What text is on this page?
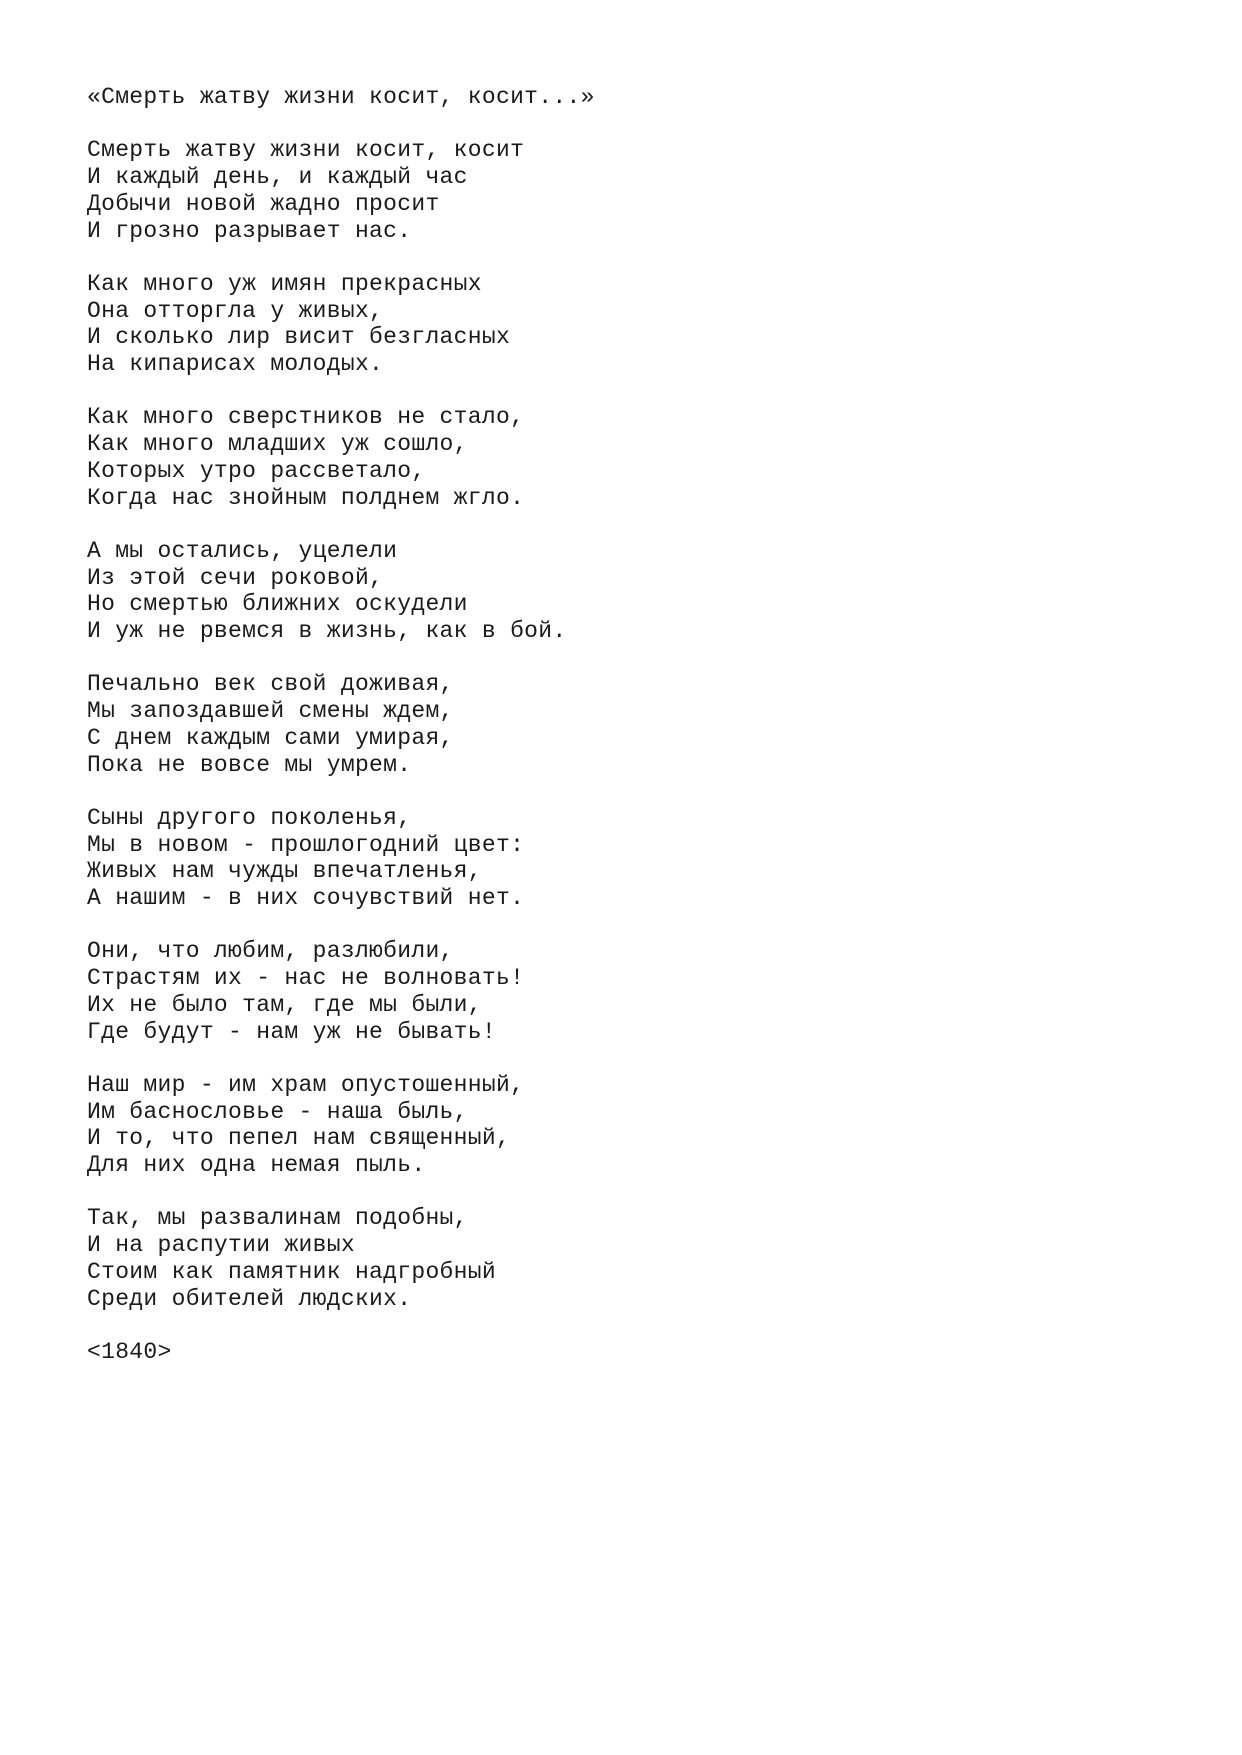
«Смерть жатву жизни косит, косит...»
Смерть жатву жизни косит, косит
И каждый день, и каждый час
Добычи новой жадно просит
И грозно разрывает нас.
Как много уж имян прекрасных
Она отторгла у живых,
И сколько лир висит безгласных
На кипарисах молодых.
Как много сверстников не стало,
Как много младших уж сошло,
Которых утро рассветало,
Когда нас знойным полднем жгло.
А мы остались, уцелели
Из этой сечи роковой,
Но смертью ближних оскудели
И уж не рвемся в жизнь, как в бой.
Печально век свой доживая,
Мы запоздавшей смены ждем,
С днем каждым сами умирая,
Пока не вовсе мы умрем.
Сыны другого поколенья,
Мы в новом - прошлогодний цвет:
Живых нам чужды впечатленья,
А нашим - в них сочувствий нет.
Они, что любим, разлюбили,
Страстям их - нас не волновать!
Их не было там, где мы были,
Где будут - нам уж не бывать!
Наш мир - им храм опустошенный,
Им баснословье - наша быль,
И то, что пепел нам священный,
Для них одна немая пыль.
Так, мы развалинам подобны,
И на распутии живых
Стоим как памятник надгробный
Среди обителей людских.
<1840>
